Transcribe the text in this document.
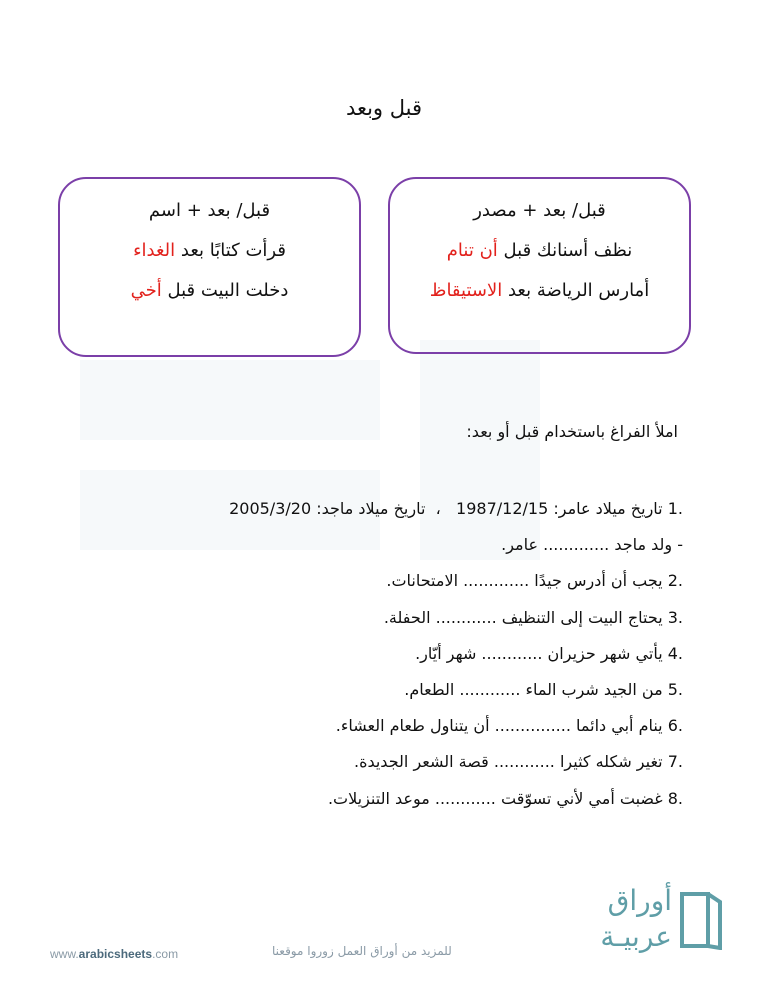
قبل وبعد
قبل/ بعد + مصدر
نظف أسنانك قبل أن تنام
أمارس الرياضة بعد الاستيقاظ
قبل/ بعد + اسم
قرأت كتابًا بعد الغداء
دخلت البيت قبل أخي
املأ الفراغ باستخدام قبل أو بعد:
1. تاريخ ميلاد عامر: 1987/12/15   ،  تاريخ ميلاد ماجد: 2005/3/20
- ولد ماجد ............. عامر.
2. يجب أن أدرس جيدًا ............. الامتحانات.
3. يحتاج البيت إلى التنظيف ............ الحفلة.
4. يأتي شهر حزيران ............ شهر أيّار.
5. من الجيد شرب الماء ............ الطعام.
6. ينام أبي دائما ............... أن يتناول طعام العشاء.
7. تغير شكله كثيرا ............ قصة الشعر الجديدة.
8. غضبت أمي لأني تسوّقت ............ موعد التنزيلات.
www.arabicsheets.com	للمزيد من أوراق العمل زوروا موقعنا
أوراق
عربيـة
